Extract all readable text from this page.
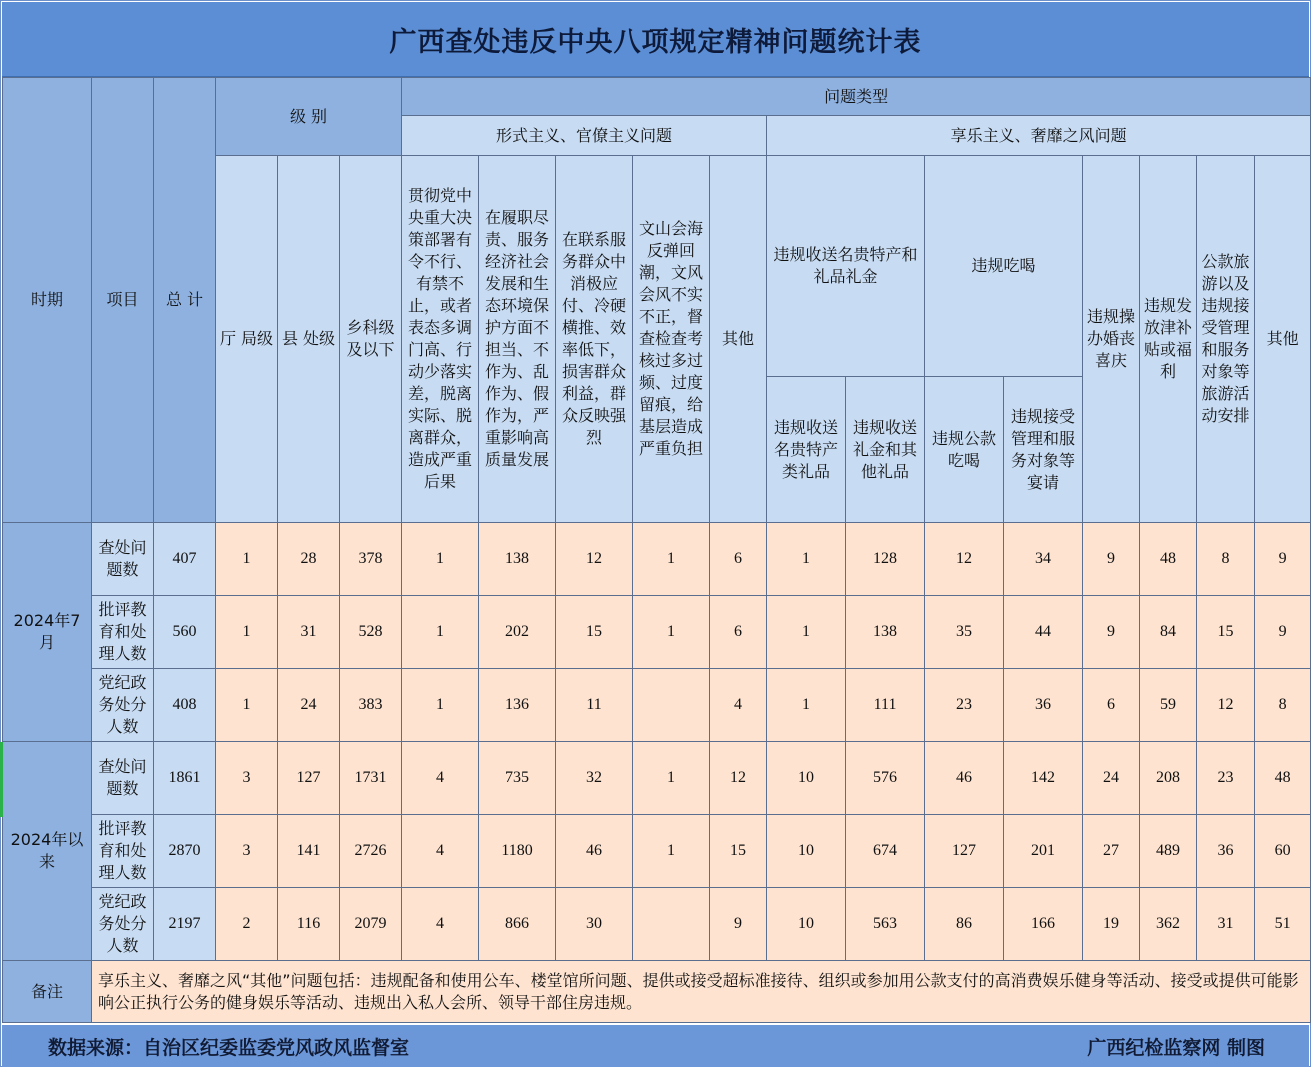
广西查处违反中央八项规定精神问题统计表
时期	项目	总 计	级 别			问题类型												
						形式主义、官僚主义问题					享乐主义、奢靡之风问题							
			厅 局级	县 处级	乡科级及以下	贯彻党中央重大决策部署有令不行、有禁不止，或者表态多调门高、行动少落实差，脱离实际、脱离群众，造成严重后果	在履职尽责、服务经济社会发展和生态环境保护方面不担当、不作为、乱作为、假作为，严重影响高质量发展	在联系服务群众中消极应付、冷硬横推、效率低下，损害群众利益，群众反映强烈	文山会海反弹回潮，文风会风不实不正，督查检查考核过多过频、过度留痕，给基层造成严重负担	其他	违规收送名贵特产和礼品礼金		违规吃喝		违规操办婚丧喜庆	违规发放津补贴或福利	公款旅游以及违规接受管理和服务对象等旅游活动安排	其他
											违规收送名贵特产类礼品	违规收送礼金和其他礼品	违规公款吃喝	违规接受管理和服务对象等宴请				
2024年7月	查处问题数	407	1	28	378	1	138	12	1	6	1	128	12	34	9	48	8	9
	批评教育和处理人数	560	1	31	528	1	202	15	1	6	1	138	35	44	9	84	15	9
	党纪政务处分人数	408	1	24	383	1	136	11		4	1	111	23	36	6	59	12	8
2024年以来	查处问题数	1861	3	127	1731	4	735	32	1	12	10	576	46	142	24	208	23	48
	批评教育和处理人数	2870	3	141	2726	4	1180	46	1	15	10	674	127	201	27	489	36	60
	党纪政务处分人数	2197	2	116	2079	4	866	30		9	10	563	86	166	19	362	31	51
备注	享乐主义、奢靡之风“其他”问题包括：违规配备和使用公车、楼堂馆所问题、提供或接受超标准接待、组织或参加用公款支付的高消费娱乐健身等活动、接受或提供可能影响公正执行公务的健身娱乐等活动、违规出入私人会所、领导干部住房违规。																	
数据来源：自治区纪委监委党风政风监督室	广西纪检监察网 制图
